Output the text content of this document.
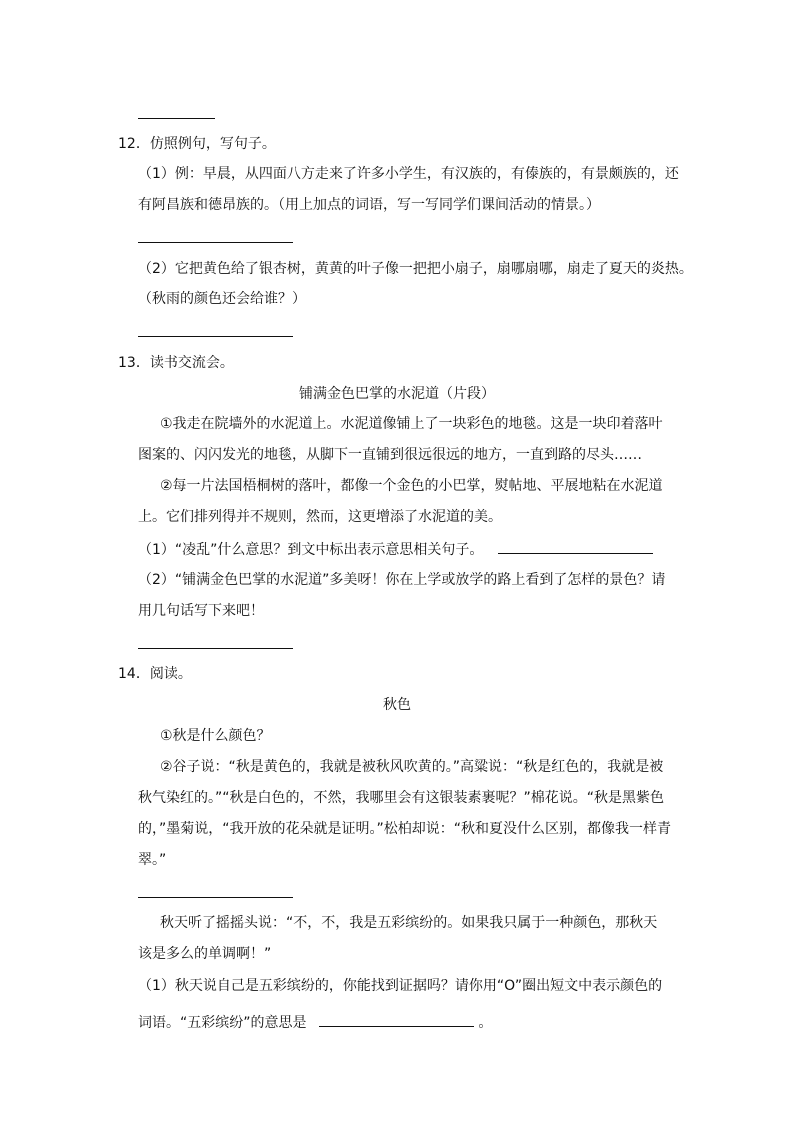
12．仿照例句，写句子。
（1）例：早晨，从四面八方走来了许多小学生，有汉族的，有傣族的，有景颇族的，还
有阿昌族和德昂族的。（用上加点的词语，写一写同学们课间活动的情景。）
（2）它把黄色给了银杏树，黄黄的叶子像一把把小扇子，扇哪扇哪，扇走了夏天的炎热。
（秋雨的颜色还会给谁？）
13．读书交流会。
铺满金色巴掌的水泥道（片段）
①我走在院墙外的水泥道上。水泥道像铺上了一块彩色的地毯。这是一块印着落叶
图案的、闪闪发光的地毯，从脚下一直铺到很远很远的地方，一直到路的尽头……
②每一片法国梧桐树的落叶，都像一个金色的小巴掌，熨帖地、平展地粘在水泥道
上。它们排列得并不规则，然而，这更增添了水泥道的美。
（1）“凌乱”什么意思？到文中标出表示意思相关句子。
（2）“铺满金色巴掌的水泥道”多美呀！你在上学或放学的路上看到了怎样的景色？请
用几句话写下来吧！
14．阅读。
秋色
①秋是什么颜色？
②谷子说：“秋是黄色的，我就是被秋风吹黄的。”高粱说：“秋是红色的，我就是被
秋气染红的。”“秋是白色的，不然，我哪里会有这银装素裹呢？”棉花说。“秋是黑紫色
的，”墨菊说，“我开放的花朵就是证明。”松柏却说：“秋和夏没什么区别，都像我一样青
翠。”
秋天听了摇摇头说：“不，不，我是五彩缤纷的。如果我只属于一种颜色，那秋天
该是多么的单调啊！”
（1）秋天说自己是五彩缤纷的，你能找到证据吗？请你用“O”圈出短文中表示颜色的
词语。“五彩缤纷”的意思是	。
